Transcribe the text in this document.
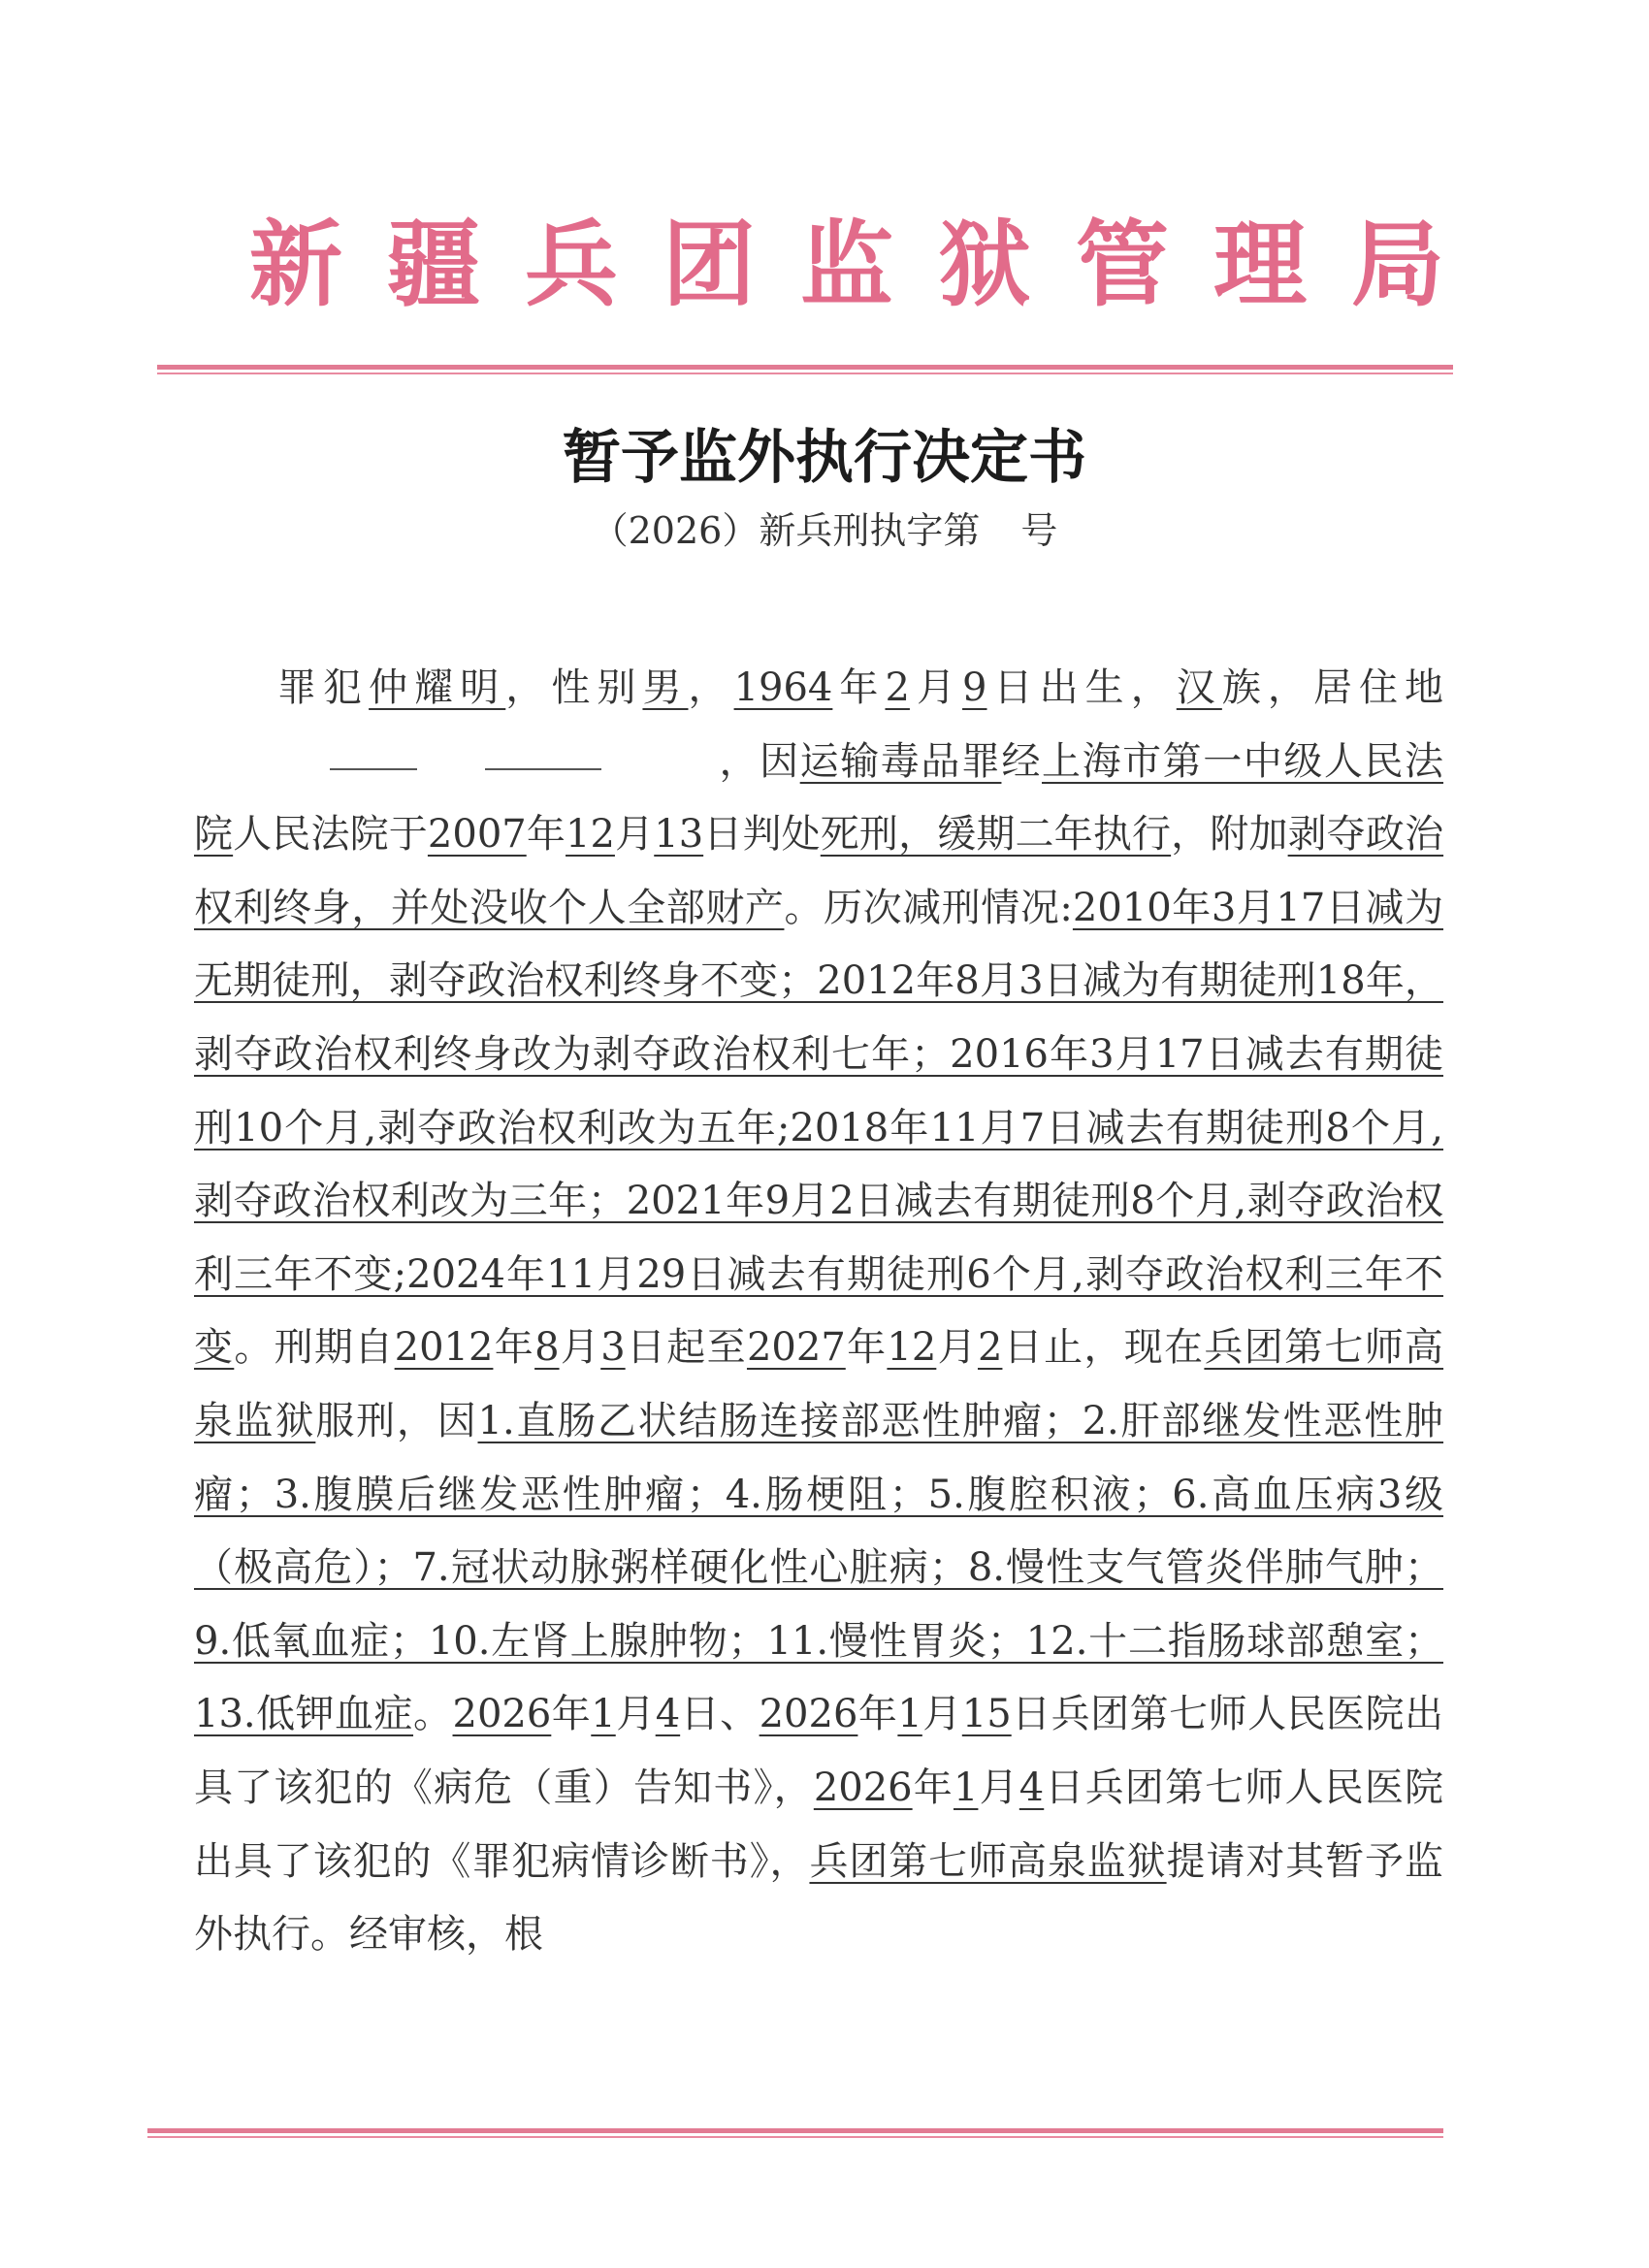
新疆兵团监狱管理局
暂予监外执行决定书
（2026）新兵刑执字第 号

罪犯仲耀明，性别男，1964年2月9日出生，汉族，居住地
，因运输毒品罪经上海市第一中级人民法院人民法院于2007年12月13日判处死刑，缓期二年执行，附加剥夺政治权利终身，并处没收个人全部财产。历次减刑情况:2010年3月17日减为无期徒刑，剥夺政治权利终身不变；2012年8月3日减为有期徒刑18年，剥夺政治权利终身改为剥夺政治权利七年；2016年3月17日减去有期徒刑10个月,剥夺政治权利改为五年;2018年11月7日减去有期徒刑8个月,剥夺政治权利改为三年；2021年9月2日减去有期徒刑8个月,剥夺政治权利三年不变;2024年11月29日减去有期徒刑6个月,剥夺政治权利三年不变。刑期自2012年8月3日起至2027年12月2日止，现在兵团第七师高泉监狱服刑，因1.直肠乙状结肠连接部恶性肿瘤；2.肝部继发性恶性肿瘤；3.腹膜后继发恶性肿瘤；4.肠梗阻；5.腹腔积液；6.高血压病3级（极高危）；7.冠状动脉粥样硬化性心脏病；8.慢性支气管炎伴肺气肿；9.低氧血症；10.左肾上腺肿物；11.慢性胃炎；12.十二指肠球部憩室；13.低钾血症。2026年1月4日、2026年1月15日兵团第七师人民医院出具了该犯的《病危（重）告知书》，2026年1月4日兵团第七师人民医院出具了该犯的《罪犯病情诊断书》，兵团第七师高泉监狱提请对其暂予监外执行。经审核，根
